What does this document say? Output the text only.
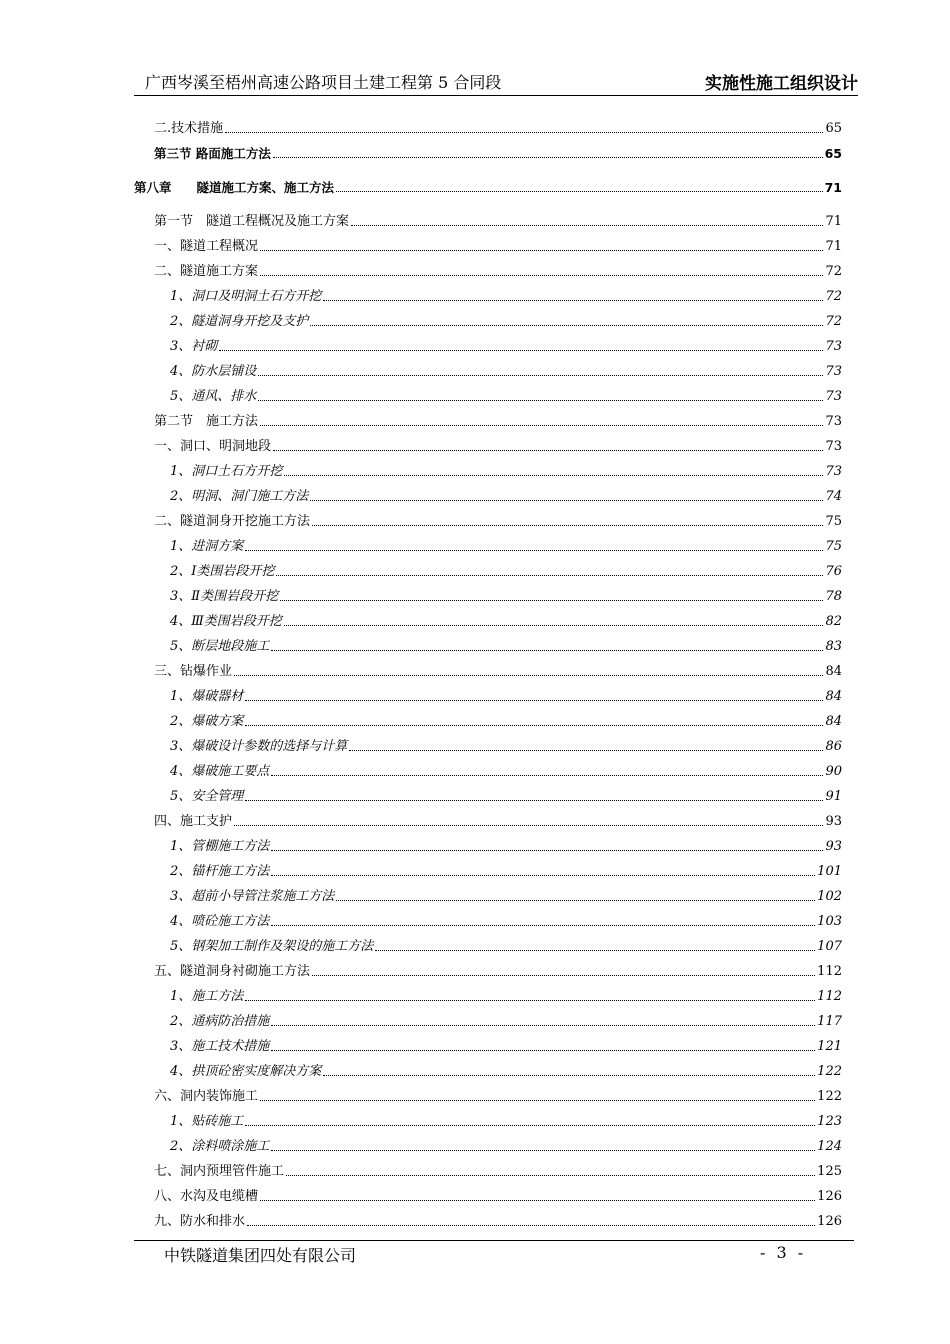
广西岑溪至梧州高速公路项目土建工程第 5 合同段	实施性施工组织设计
二.技术措施	65
第三节 路面施工方法	65
第八章　　隧道施工方案、施工方法	71
第一节　隧道工程概况及施工方案	71
一、隧道工程概况	71
二、隧道施工方案	72
1、洞口及明洞土石方开挖	72
2、隧道洞身开挖及支护	72
3、衬砌	73
4、防水层铺设	73
5、通风、排水	73
第二节　施工方法	73
一、洞口、明洞地段	73
1、洞口土石方开挖	73
2、明洞、洞门施工方法	74
二、隧道洞身开挖施工方法	75
1、进洞方案	75
2、Ⅰ类围岩段开挖	76
3、Ⅱ类围岩段开挖	78
4、Ⅲ类围岩段开挖	82
5、断层地段施工	83
三、钻爆作业	84
1、爆破器材	84
2、爆破方案	84
3、爆破设计参数的选择与计算	86
4、爆破施工要点	90
5、安全管理	91
四、施工支护	93
1、管棚施工方法	93
2、锚杆施工方法	101
3、超前小导管注浆施工方法	102
4、喷砼施工方法	103
5、钢架加工制作及架设的施工方法	107
五、隧道洞身衬砌施工方法	112
1、施工方法	112
2、通病防治措施	117
3、施工技术措施	121
4、拱顶砼密实度解决方案	122
六、洞内装饰施工	122
1、贴砖施工	123
2、涂料喷涂施工	124
七、洞内预埋管件施工	125
八、水沟及电缆槽	126
九、防水和排水	126
中铁隧道集团四处有限公司	- 3 -
